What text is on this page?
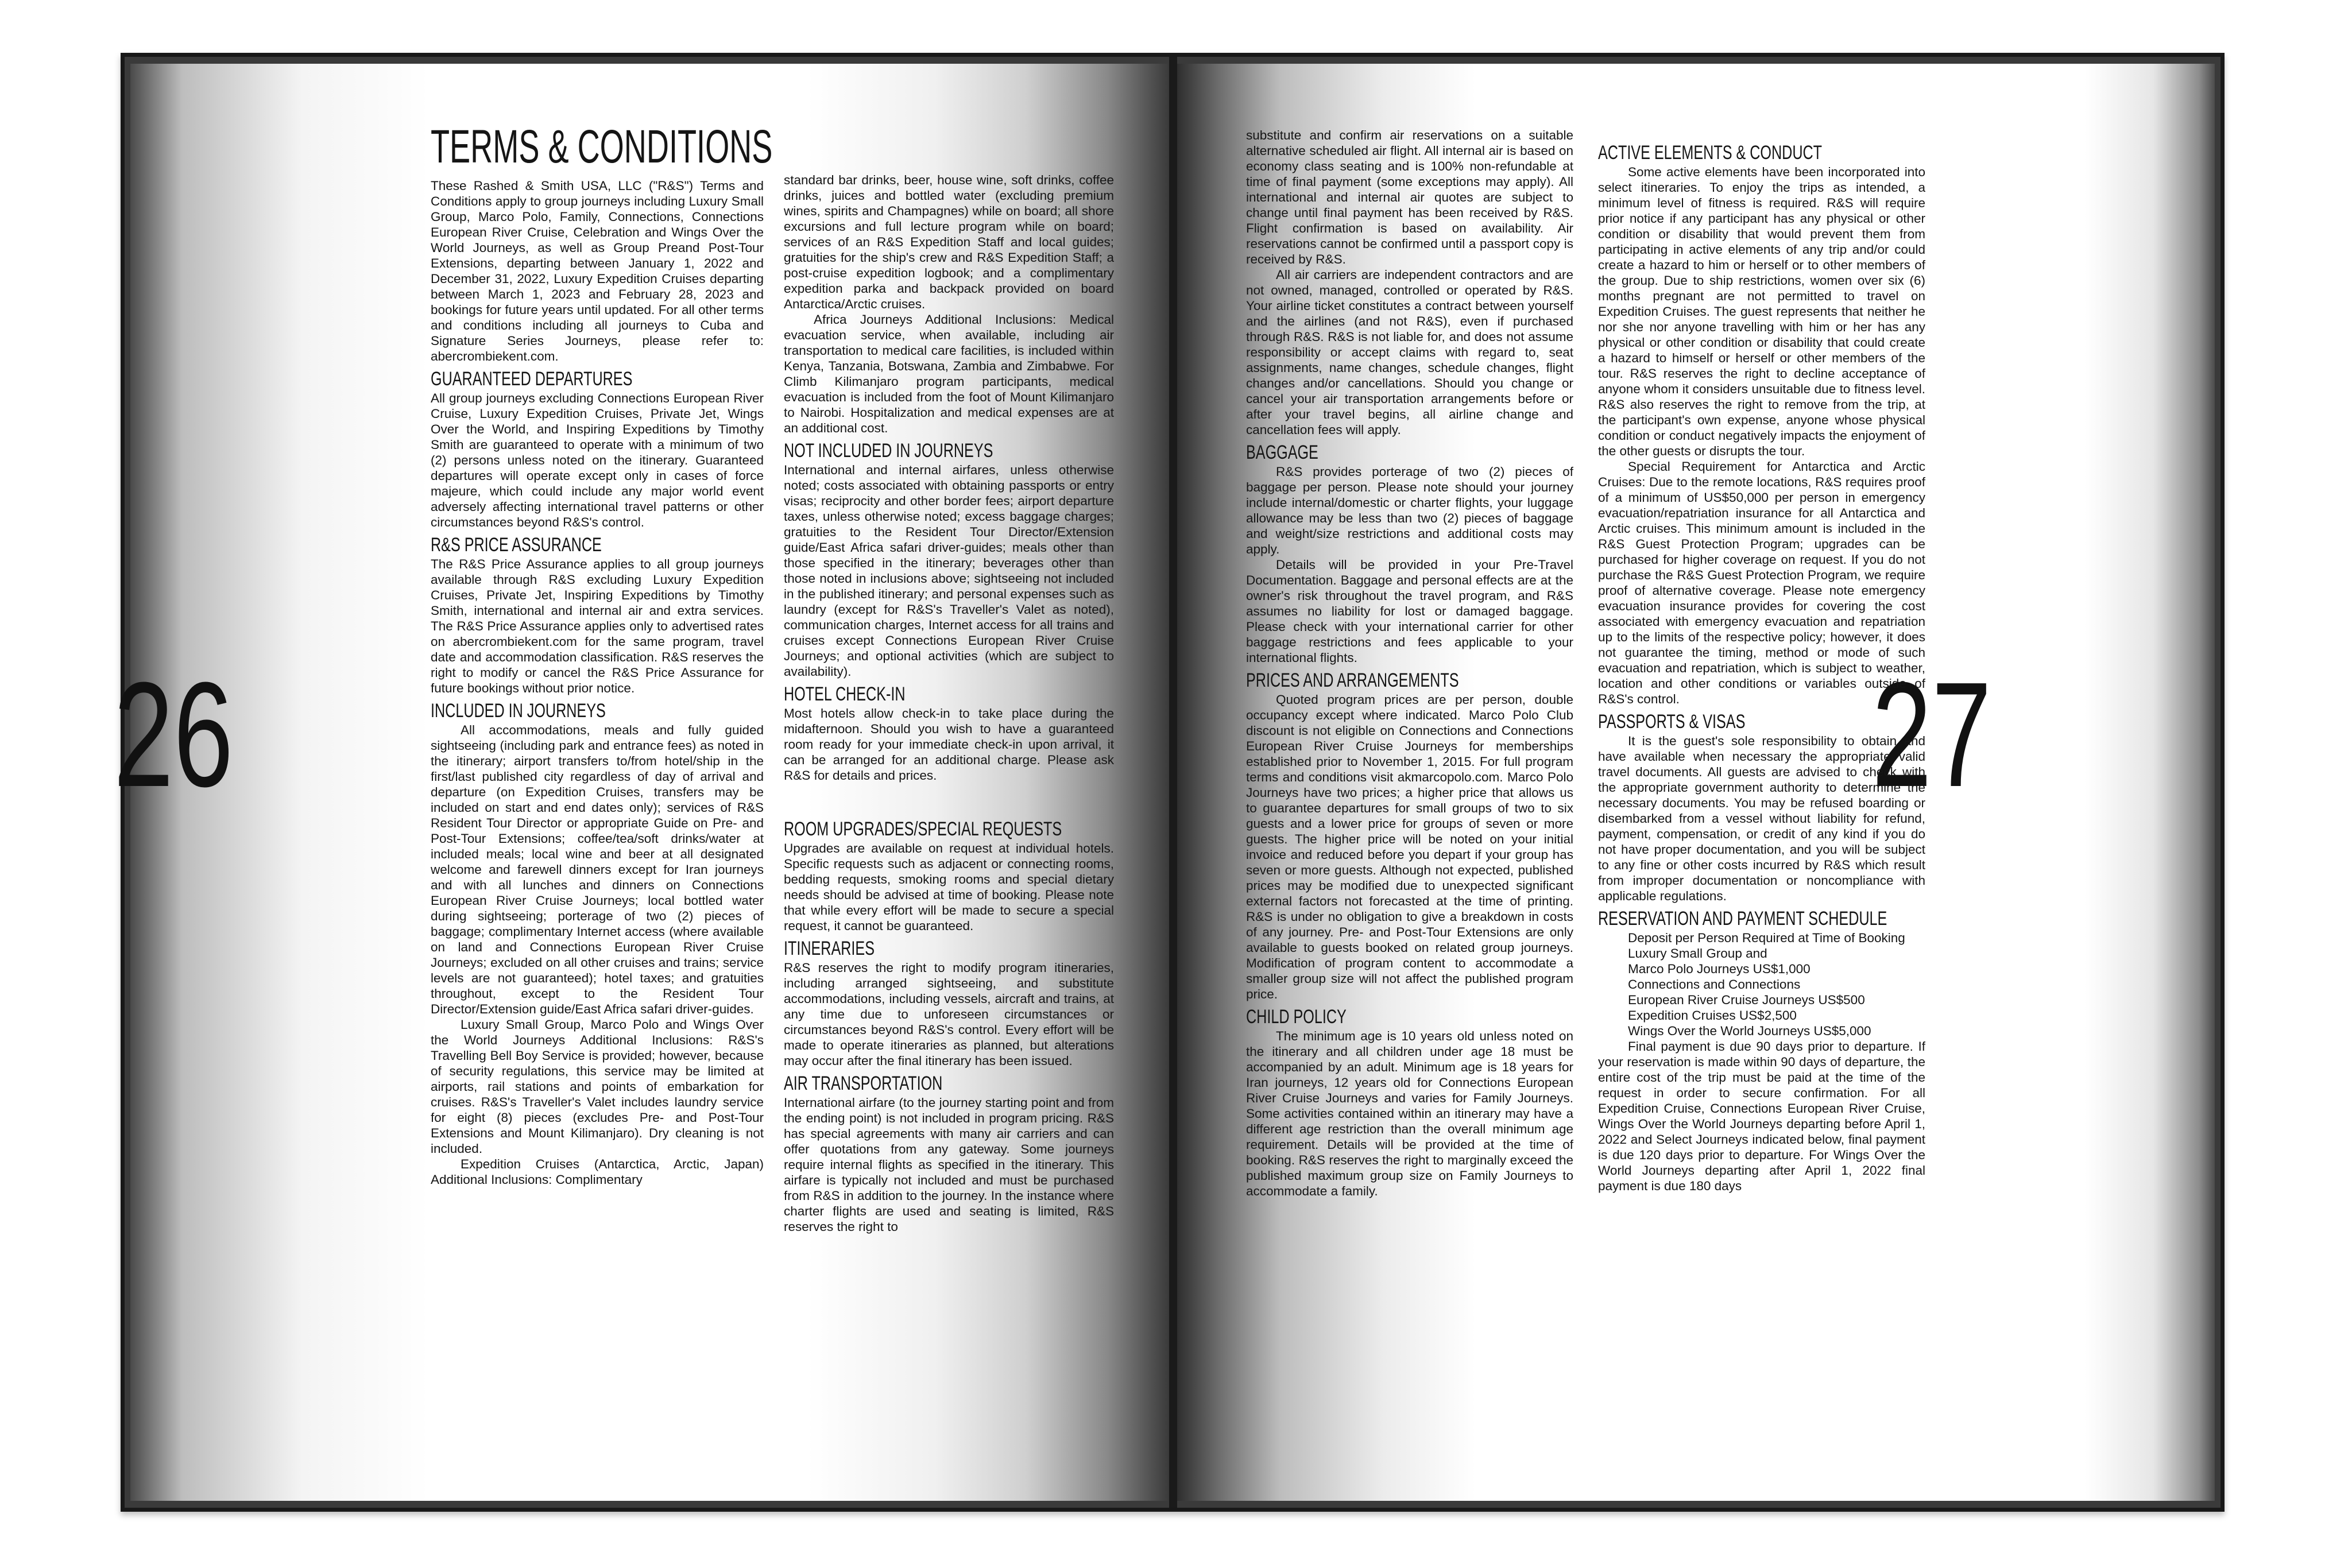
26	27
TERMS & CONDITIONS

These Rashed & Smith USA, LLC ("R&S") Terms and Conditions apply to group journeys including Luxury Small Group, Marco Polo, Family, Connections, Connections European River Cruise, Celebration and Wings Over the World Journeys, as well as Group Preand Post-Tour Extensions, departing between January 1, 2022 and December 31, 2022, Luxury Expedition Cruises departing between March 1, 2023 and February 28, 2023 and bookings for future years until updated. For all other terms and conditions including all journeys to Cuba and Signature Series Journeys, please refer to: abercrombiekent.com.

GUARANTEED DEPARTURES

All group journeys excluding Connections European River Cruise, Luxury Expedition Cruises, Private Jet, Wings Over the World, and Inspiring Expeditions by Timothy Smith are guaranteed to operate with a minimum of two (2) persons unless noted on the itinerary. Guaranteed departures will operate except only in cases of force majeure, which could include any major world event adversely affecting international travel patterns or other circumstances beyond R&S's control.

R&S PRICE ASSURANCE

The R&S Price Assurance applies to all group journeys available through R&S excluding Luxury Expedition Cruises, Private Jet, Inspiring Expeditions by Timothy Smith, international and internal air and extra services. The R&S Price Assurance applies only to advertised rates on abercrombiekent.com for the same program, travel date and accommodation classification. R&S reserves the right to modify or cancel the R&S Price Assurance for future bookings without prior notice.

INCLUDED IN JOURNEYS

All accommodations, meals and fully guided sightseeing (including park and entrance fees) as noted in the itinerary; airport transfers to/from hotel/ship in the first/last published city regardless of day of arrival and departure (on Expedition Cruises, transfers may be included on start and end dates only); services of R&S Resident Tour Director or appropriate Guide on Pre- and Post-Tour Extensions; coffee/tea/soft drinks/water at included meals; local wine and beer at all designated welcome and farewell dinners except for Iran journeys and with all lunches and dinners on Connections European River Cruise Journeys; local bottled water during sightseeing; porterage of two (2) pieces of baggage; complimentary Internet access (where available on land and Connections European River Cruise Journeys; excluded on all other cruises and trains; service levels are not guaranteed); hotel taxes; and gratuities throughout, except to the Resident Tour Director/Extension guide/East Africa safari driver-guides.

Luxury Small Group, Marco Polo and Wings Over the World Journeys Additional Inclusions: R&S's Travelling Bell Boy Service is provided; however, because of security regulations, this service may be limited at airports, rail stations and points of embarkation for cruises. R&S's Traveller's Valet includes laundry service for eight (8) pieces (excludes Pre- and Post-Tour Extensions and Mount Kilimanjaro). Dry cleaning is not included.

Expedition Cruises (Antarctica, Arctic, Japan) Additional Inclusions: Complimentary

standard bar drinks, beer, house wine, soft drinks, coffee drinks, juices and bottled water (excluding premium wines, spirits and Champagnes) while on board; all shore excursions and full lecture program while on board; services of an R&S Expedition Staff and local guides; gratuities for the ship's crew and R&S Expedition Staff; a post-cruise expedition logbook; and a complimentary expedition parka and backpack provided on board Antarctica/Arctic cruises.

Africa Journeys Additional Inclusions: Medical evacuation service, when available, including air transportation to medical care facilities, is included within Kenya, Tanzania, Botswana, Zambia and Zimbabwe. For Climb Kilimanjaro program participants, medical evacuation is included from the foot of Mount Kilimanjaro to Nairobi. Hospitalization and medical expenses are at an additional cost.

NOT INCLUDED IN JOURNEYS

International and internal airfares, unless otherwise noted; costs associated with obtaining passports or entry visas; reciprocity and other border fees; airport departure taxes, unless otherwise noted; excess baggage charges; gratuities to the Resident Tour Director/Extension guide/East Africa safari driver-guides; meals other than those specified in the itinerary; beverages other than those noted in inclusions above; sightseeing not included in the published itinerary; and personal expenses such as laundry (except for R&S's Traveller's Valet as noted), communication charges, Internet access for all trains and cruises except Connections European River Cruise Journeys; and optional activities (which are subject to availability).

HOTEL CHECK-IN

Most hotels allow check-in to take place during the midafternoon. Should you wish to have a guaranteed room ready for your immediate check-in upon arrival, it can be arranged for an additional charge. Please ask R&S for details and prices.

ROOM UPGRADES/SPECIAL REQUESTS

Upgrades are available on request at individual hotels. Specific requests such as adjacent or connecting rooms, bedding requests, smoking rooms and special dietary needs should be advised at time of booking. Please note that while every effort will be made to secure a special request, it cannot be guaranteed.

ITINERARIES

R&S reserves the right to modify program itineraries, including arranged sightseeing, and substitute accommodations, including vessels, aircraft and trains, at any time due to unforeseen circumstances or circumstances beyond R&S's control. Every effort will be made to operate itineraries as planned, but alterations may occur after the final itinerary has been issued.

AIR TRANSPORTATION

International airfare (to the journey starting point and from the ending point) is not included in program pricing. R&S has special agreements with many air carriers and can offer quotations from any gateway. Some journeys require internal flights as specified in the itinerary. This airfare is typically not included and must be purchased from R&S in addition to the journey. In the instance where charter flights are used and seating is limited, R&S reserves the right to

substitute and confirm air reservations on a suitable alternative scheduled air flight. All internal air is based on economy class seating and is 100% non-refundable at time of final payment (some exceptions may apply). All international and internal air quotes are subject to change until final payment has been received by R&S. Flight confirmation is based on availability. Air reservations cannot be confirmed until a passport copy is received by R&S.

All air carriers are independent contractors and are not owned, managed, controlled or operated by R&S. Your airline ticket constitutes a contract between yourself and the airlines (and not R&S), even if purchased through R&S. R&S is not liable for, and does not assume responsibility or accept claims with regard to, seat assignments, name changes, schedule changes, flight changes and/or cancellations. Should you change or cancel your air transportation arrangements before or after your travel begins, all airline change and cancellation fees will apply.

BAGGAGE

R&S provides porterage of two (2) pieces of baggage per person. Please note should your journey include internal/domestic or charter flights, your luggage allowance may be less than two (2) pieces of baggage and weight/size restrictions and additional costs may apply.

Details will be provided in your Pre-Travel Documentation. Baggage and personal effects are at the owner's risk throughout the travel program, and R&S assumes no liability for lost or damaged baggage. Please check with your international carrier for other baggage restrictions and fees applicable to your international flights.

PRICES AND ARRANGEMENTS

Quoted program prices are per person, double occupancy except where indicated. Marco Polo Club discount is not eligible on Connections and Connections European River Cruise Journeys for memberships established prior to November 1, 2015. For full program terms and conditions visit akmarcopolo.com. Marco Polo Journeys have two prices; a higher price that allows us to guarantee departures for small groups of two to six guests and a lower price for groups of seven or more guests. The higher price will be noted on your initial invoice and reduced before you depart if your group has seven or more guests. Although not expected, published prices may be modified due to unexpected significant external factors not forecasted at the time of printing. R&S is under no obligation to give a breakdown in costs of any journey. Pre- and Post-Tour Extensions are only available to guests booked on related group journeys. Modification of program content to accommodate a smaller group size will not affect the published program price.

CHILD POLICY

The minimum age is 10 years old unless noted on the itinerary and all children under age 18 must be accompanied by an adult. Minimum age is 18 years for Iran journeys, 12 years old for Connections European River Cruise Journeys and varies for Family Journeys. Some activities contained within an itinerary may have a different age restriction than the overall minimum age requirement. Details will be provided at the time of booking. R&S reserves the right to marginally exceed the published maximum group size on Family Journeys to accommodate a family.

ACTIVE ELEMENTS & CONDUCT

Some active elements have been incorporated into select itineraries. To enjoy the trips as intended, a minimum level of fitness is required. R&S will require prior notice if any participant has any physical or other condition or disability that would prevent them from participating in active elements of any trip and/or could create a hazard to him or herself or to other members of the group. Due to ship restrictions, women over six (6) months pregnant are not permitted to travel on Expedition Cruises. The guest represents that neither he nor she nor anyone travelling with him or her has any physical or other condition or disability that could create a hazard to himself or herself or other members of the tour. R&S reserves the right to decline acceptance of anyone whom it considers unsuitable due to fitness level. R&S also reserves the right to remove from the trip, at the participant's own expense, anyone whose physical condition or conduct negatively impacts the enjoyment of the other guests or disrupts the tour.

Special Requirement for Antarctica and Arctic Cruises: Due to the remote locations, R&S requires proof of a minimum of US$50,000 per person in emergency evacuation/repatriation insurance for all Antarctica and Arctic cruises. This minimum amount is included in the R&S Guest Protection Program; upgrades can be purchased for higher coverage on request. If you do not purchase the R&S Guest Protection Program, we require proof of alternative coverage. Please note emergency evacuation insurance provides for covering the cost associated with emergency evacuation and repatriation up to the limits of the respective policy; however, it does not guarantee the timing, method or mode of such evacuation and repatriation, which is subject to weather, location and other conditions or variables outside of R&S's control.

PASSPORTS & VISAS

It is the guest's sole responsibility to obtain and have available when necessary the appropriate valid travel documents. All guests are advised to check with the appropriate government authority to determine the necessary documents. You may be refused boarding or disembarked from a vessel without liability for refund, payment, compensation, or credit of any kind if you do not have proper documentation, and you will be subject to any fine or other costs incurred by R&S which result from improper documentation or noncompliance with applicable regulations.

RESERVATION AND PAYMENT SCHEDULE

Deposit per Person Required at Time of Booking

Luxury Small Group and
Marco Polo Journeys US$1,000
Connections and Connections
European River Cruise Journeys US$500
Expedition Cruises US$2,500
Wings Over the World Journeys US$5,000

Final payment is due 90 days prior to departure. If your reservation is made within 90 days of departure, the entire cost of the trip must be paid at the time of the request in order to secure confirmation. For all Expedition Cruise, Connections European River Cruise, Wings Over the World Journeys departing before April 1, 2022 and Select Journeys indicated below, final payment is due 120 days prior to departure. For Wings Over the World Journeys departing after April 1, 2022 final payment is due 180 days
